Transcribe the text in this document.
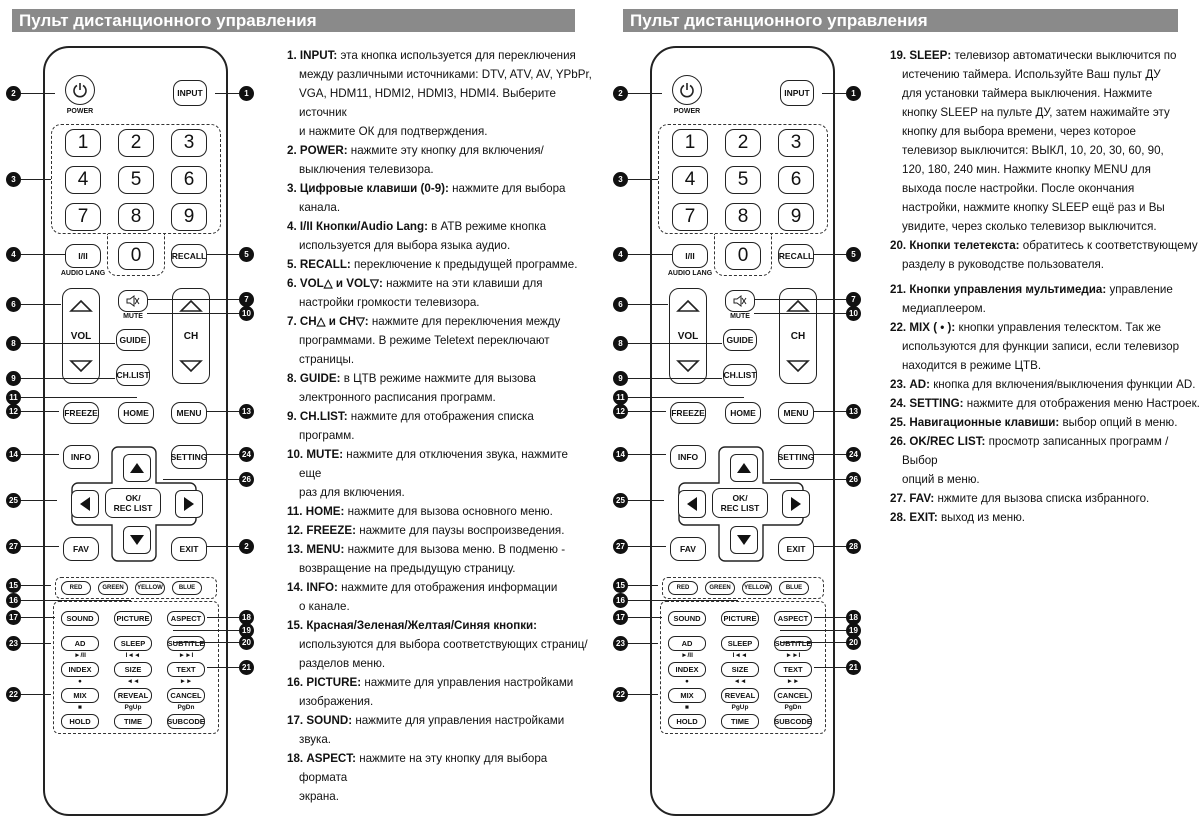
Пульт дистанционного управления
POWER
INPUT
1	2	3
4	5	6
7	8	9
0
I/II
AUDIO LANG
RECALL
VOL	CH
MUTE
GUIDE
CH.LIST
FREEZE	HOME	MENU
INFO	SETTING
OK/
REC LIST
FAV	EXIT
RED	GREEN	YELLOW	BLUE
SOUND	PICTURE	ASPECT
AD	SLEEP	SUBTITLE
INDEX	SIZE	TEXT
MIX	REVEAL	CANCEL
HOLD	TIME	SUBCODE
►/II	I◄◄	►►I
●	◄◄	►►
■	PgUp	PgDn
1
2
3
4	5
6
7
8
9
10
11
12	13
14
15
16
17	18
19
20
21
22
23
24
25
26
27	2
1. INPUT: эта кнопка используется для переключения
между различными источниками: DTV, ATV, AV, YPbPr,
VGA, HDM11, HDMI2, HDMI3, HDMI4. Выберите источник
и нажмите ОК для подтверждения.
2. POWER: нажмите эту кнопку для включения/
выключения телевизора.
3. Цифровые клавиши (0-9): нажмите для выбора
канала.
4. I/II Кнопки/Audio Lang: в АТВ режиме кнопка
используется для выбора языка аудио.
5. RECALL: переключение к предыдущей программе.
6. VOL△ и VOL▽: нажмите на эти клавиши для
настройки громкости телевизора.
7. CH△ и CH▽: нажмите для переключения между
программами. В режиме Teletext переключают
страницы.
8. GUIDE: в ЦТВ режиме нажмите для вызова
электронного расписания программ.
9. CH.LIST: нажмите для отображения списка программ.
10. MUTE: нажмите для отключения звука, нажмите еще
раз для включения.
11. HOME: нажмите для вызова основного меню.
12. FREEZE: нажмите для паузы воспроизведения.
13. MENU: нажмите для вызова меню. В подменю -
возвращение на предыдущую страницу.
14. INFO: нажмите для отображения информации
о канале.
15. Красная/Зеленая/Желтая/Синяя кнопки:
используются для выбора соответствующих страниц/
разделов меню.
16. PICTURE: нажмите для управления настройками
изображения.
17. SOUND: нажмите для управления настройками
звука.
18. ASPECT: нажмите на эту кнопку для выбора формата
экрана.
Пульт дистанционного управления
POWER
INPUT
1	2	3
4	5	6
7	8	9
0
I/II
AUDIO LANG
RECALL
VOL	CH
MUTE
GUIDE
CH.LIST
FREEZE	HOME	MENU
INFO	SETTING
OK/
REC LIST
FAV	EXIT
RED	GREEN	YELLOW	BLUE
SOUND	PICTURE	ASPECT
AD	SLEEP	SUBTITLE
INDEX	SIZE	TEXT
MIX	REVEAL	CANCEL
HOLD	TIME	SUBCODE
►/II	I◄◄	►►I
●	◄◄	►►
■	PgUp	PgDn
1
2
3
4	5
6
7
8
9
10
11
12	13
14
15
16
17	18
19
20
21
22
23
24
25
26
27	28
19. SLEEP: телевизор автоматически выключится по
истечению таймера. Используйте Ваш пульт ДУ
для установки таймера выключения. Нажмите
кнопку SLEEP на пульте ДУ, затем нажимайте эту
кнопку для выбора времени, через которое
телевизор выключится: ВЫКЛ, 10, 20, 30, 60, 90,
120, 180, 240 мин. Нажмите кнопку MENU для
выхода после настройки. После окончания
настройки, нажмите кнопку SLEEP ещё раз и Вы
увидите, через сколько телевизор выключится.
20. Кнопки телетекста: обратитесь к соответствующему
разделу в руководстве пользователя.
21. Кнопки управления мультимедиа: управление
медиаплеером.
22. MIX ( • ): кнопки управления телесктом. Так же
используются для функции записи, если телевизор
находится в режиме ЦТВ.
23. AD: кнопка для включения/выключения функции AD.
24. SETTING: нажмите для отображения меню Настроек.
25. Навигационные клавиши: выбор опций в меню.
26. OK/REC LIST: просмотр записанных программ / Выбор
опций в меню.
27. FAV: нжмите для вызова списка избранного.
28. EXIT: выход из меню.
